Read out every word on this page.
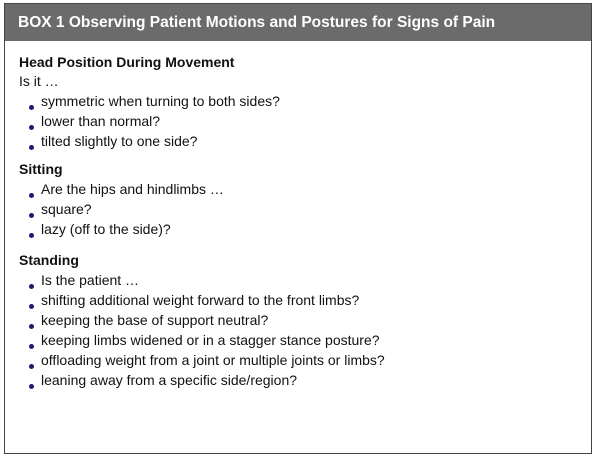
BOX 1 Observing Patient Motions and Postures for Signs of Pain

Head Position During Movement

Is it …

symmetric when turning to both sides?
lower than normal?
tilted slightly to one side?

Sitting

Are the hips and hindlimbs …
square?
lazy (off to the side)?

Standing

Is the patient …
shifting additional weight forward to the front limbs?
keeping the base of support neutral?
keeping limbs widened or in a stagger stance posture?
offloading weight from a joint or multiple joints or limbs?
leaning away from a specific side/region?
